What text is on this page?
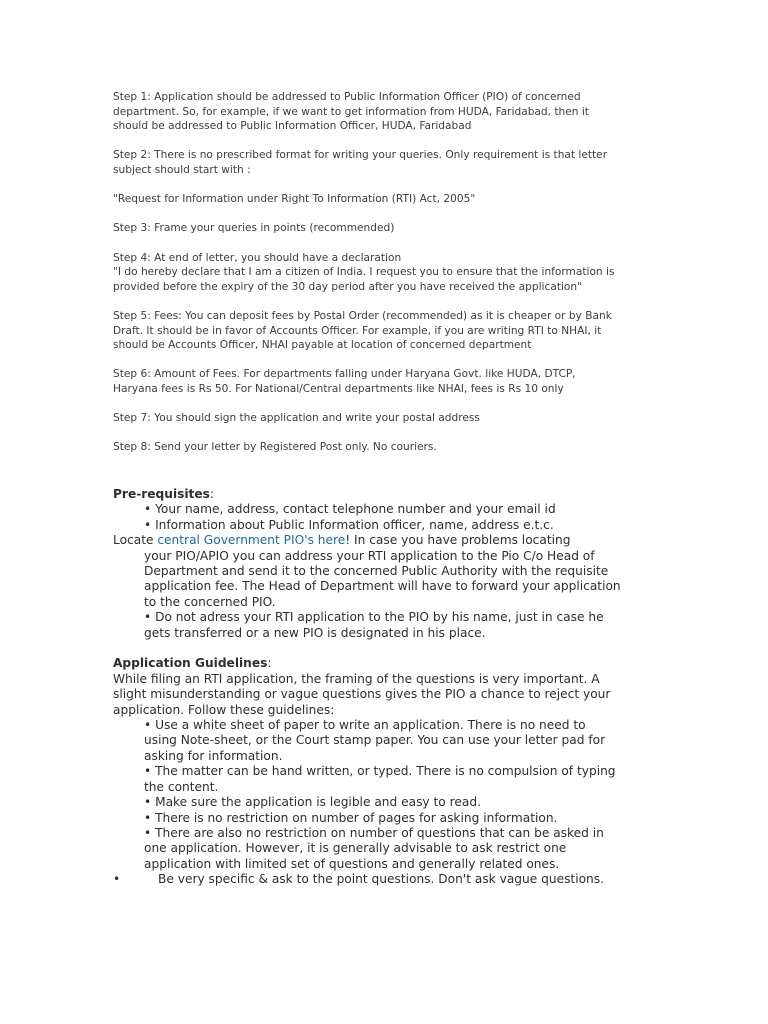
Step 1: Application should be addressed to Public Information Officer (PIO) of concerned
department. So, for example, if we want to get information from HUDA, Faridabad, then it
should be addressed to Public Information Officer, HUDA, Faridabad

Step 2: There is no prescribed format for writing your queries. Only requirement is that letter
subject should start with :

"Request for Information under Right To Information (RTI) Act, 2005"

Step 3: Frame your queries in points (recommended)

Step 4: At end of letter, you should have a declaration
"I do hereby declare that I am a citizen of India. I request you to ensure that the information is
provided before the expiry of the 30 day period after you have received the application"

Step 5: Fees: You can deposit fees by Postal Order (recommended) as it is cheaper or by Bank
Draft. It should be in favor of Accounts Officer. For example, if you are writing RTI to NHAI, it
should be Accounts Officer, NHAI payable at location of concerned department

Step 6: Amount of Fees. For departments falling under Haryana Govt. like HUDA, DTCP,
Haryana fees is Rs 50. For National/Central departments like NHAI, fees is Rs 10 only

Step 7: You should sign the application and write your postal address

Step 8: Send your letter by Registered Post only. No couriers.

Pre-requisites:
• Your name, address, contact telephone number and your email id
• Information about Public Information officer, name, address e.t.c.
Locate central Government PIO's here! In case you have problems locating
your PIO/APIO you can address your RTI application to the Pio C/o Head of
Department and send it to the concerned Public Authority with the requisite
application fee. The Head of Department will have to forward your application
to the concerned PIO.
• Do not adress your RTI application to the PIO by his name, just in case he
gets transferred or a new PIO is designated in his place.
Application Guidelines:
While filing an RTI application, the framing of the questions is very important. A
slight misunderstanding or vague questions gives the PIO a chance to reject your
application. Follow these guidelines:
• Use a white sheet of paper to write an application. There is no need to
using Note-sheet, or the Court stamp paper. You can use your letter pad for
asking for information.
• The matter can be hand written, or typed. There is no compulsion of typing
the content.
• Make sure the application is legible and easy to read.
• There is no restriction on number of pages for asking information.
• There are also no restriction on number of questions that can be asked in
one application. However, it is generally advisable to ask restrict one
application with limited set of questions and generally related ones.
•	Be very specific & ask to the point questions. Don't ask vague questions.
